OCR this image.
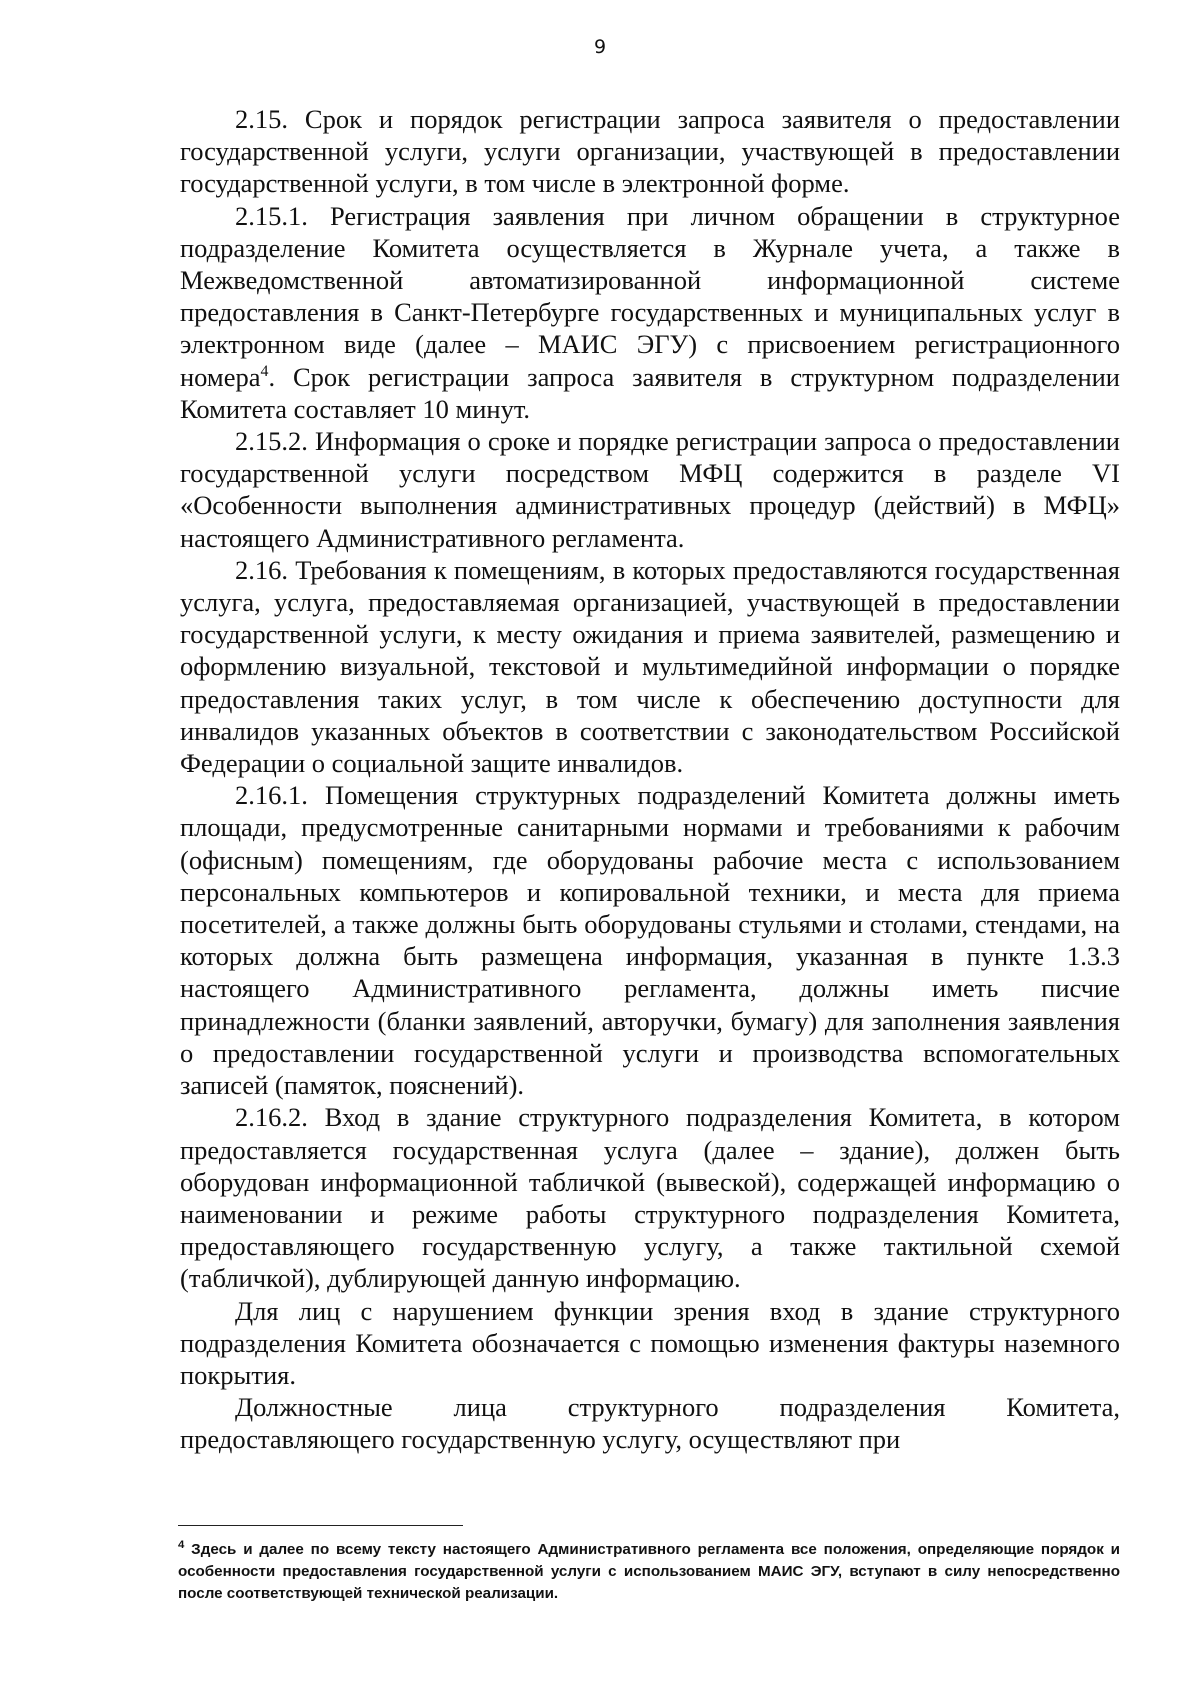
9

2.15. Срок и порядок регистрации запроса заявителя о предоставлении государственной услуги, услуги организации, участвующей в предоставлении государственной услуги, в том числе в электронной форме.

2.15.1. Регистрация заявления при личном обращении в структурное подразделение Комитета осуществляется в Журнале учета, а также в Межведомственной автоматизированной информационной системе предоставления в Санкт-Петербурге государственных и муниципальных услуг в электронном виде (далее – МАИС ЭГУ) с присвоением регистрационного номера$^4$. Срок регистрации запроса заявителя в структурном подразделении Комитета составляет 10 минут.

2.15.2. Информация о сроке и порядке регистрации запроса о предоставлении государственной услуги посредством МФЦ содержится в разделе VI «Особенности выполнения административных процедур (действий) в МФЦ» настоящего Административного регламента.

2.16. Требования к помещениям, в которых предоставляются государственная услуга, услуга, предоставляемая организацией, участвующей в предоставлении государственной услуги, к месту ожидания и приема заявителей, размещению и оформлению визуальной, текстовой и мультимедийной информации о порядке предоставления таких услуг, в том числе к обеспечению доступности для инвалидов указанных объектов в соответствии с законодательством Российской Федерации о социальной защите инвалидов.

2.16.1. Помещения структурных подразделений Комитета должны иметь площади, предусмотренные санитарными нормами и требованиями к рабочим (офисным) помещениям, где оборудованы рабочие места с использованием персональных компьютеров и копировальной техники, и места для приема посетителей, а также должны быть оборудованы стульями и столами, стендами, на которых должна быть размещена информация, указанная в пункте 1.3.3 настоящего Административного регламента, должны иметь писчие принадлежности (бланки заявлений, авторучки, бумагу) для заполнения заявления о предоставлении государственной услуги и производства вспомогательных записей (памяток, пояснений).

2.16.2. Вход в здание структурного подразделения Комитета, в котором предоставляется государственная услуга (далее – здание), должен быть оборудован информационной табличкой (вывеской), содержащей информацию о наименовании и режиме работы структурного подразделения Комитета, предоставляющего государственную услугу, а также тактильной схемой (табличкой), дублирующей данную информацию.

Для лиц с нарушением функции зрения вход в здание структурного подразделения Комитета обозначается с помощью изменения фактуры наземного покрытия.

Должностные лица структурного подразделения Комитета, предоставляющего государственную услугу, осуществляют при

$^4$ Здесь и далее по всему тексту настоящего Административного регламента все положения, определяющие порядок и особенности предоставления государственной услуги с использованием МАИС ЭГУ, вступают в силу непосредственно после соответствующей технической реализации.
